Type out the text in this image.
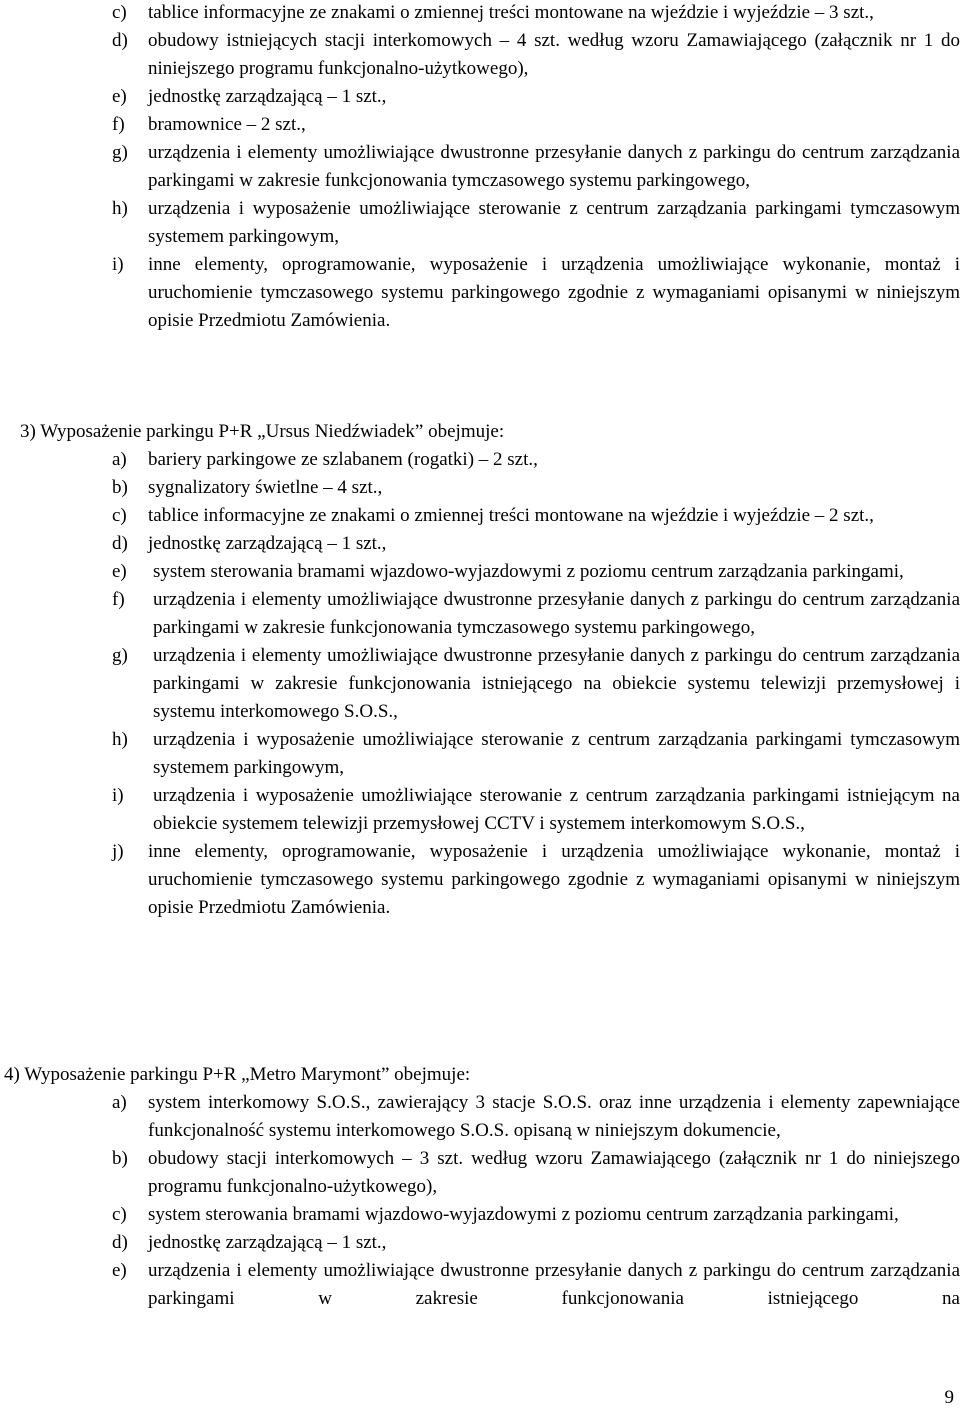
c)	tablice informacyjne ze znakami o zmiennej treści montowane na wjeździe i wyjeździe – 3 szt.,
d)	obudowy istniejących stacji interkomowych – 4 szt. według wzoru Zamawiającego (załącznik nr 1 do niniejszego programu funkcjonalno-użytkowego),
e)	jednostkę zarządzającą – 1 szt.,
f)	bramownice – 2 szt.,
g)	urządzenia i elementy umożliwiające dwustronne przesyłanie danych z parkingu do centrum zarządzania parkingami w zakresie funkcjonowania tymczasowego systemu parkingowego,
h)	urządzenia i wyposażenie umożliwiające sterowanie z centrum zarządzania parkingami tymczasowym systemem parkingowym,
i)	inne elementy, oprogramowanie, wyposażenie i urządzenia umożliwiające wykonanie, montaż i uruchomienie tymczasowego systemu parkingowego zgodnie z wymaganiami opisanymi w niniejszym opisie Przedmiotu Zamówienia.
3) Wyposażenie parkingu P+R „Ursus Niedźwiadek” obejmuje:
a)	bariery parkingowe ze szlabanem (rogatki) – 2 szt.,
b)	sygnalizatory świetlne – 4 szt.,
c)	tablice informacyjne ze znakami o zmiennej treści montowane na wjeździe i wyjeździe – 2 szt.,
d)	jednostkę zarządzającą – 1 szt.,
e)	system sterowania bramami wjazdowo-wyjazdowymi z poziomu centrum zarządzania parkingami,
f)	urządzenia i elementy umożliwiające dwustronne przesyłanie danych z parkingu do centrum zarządzania parkingami w zakresie funkcjonowania tymczasowego systemu parkingowego,
g)	urządzenia i elementy umożliwiające dwustronne przesyłanie danych z parkingu do centrum zarządzania parkingami w zakresie funkcjonowania istniejącego na obiekcie systemu telewizji przemysłowej i systemu interkomowego S.O.S.,
h)	urządzenia i wyposażenie umożliwiające sterowanie z centrum zarządzania parkingami tymczasowym systemem parkingowym,
i)	urządzenia i wyposażenie umożliwiające sterowanie z centrum zarządzania parkingami istniejącym na obiekcie systemem telewizji przemysłowej CCTV i systemem interkomowym S.O.S.,
j)	inne elementy, oprogramowanie, wyposażenie i urządzenia umożliwiające wykonanie, montaż i uruchomienie tymczasowego systemu parkingowego zgodnie z wymaganiami opisanymi w niniejszym opisie Przedmiotu Zamówienia.
4) Wyposażenie parkingu P+R „Metro Marymont” obejmuje:
a)	system interkomowy S.O.S., zawierający 3 stacje S.O.S. oraz inne urządzenia i elementy zapewniające funkcjonalność systemu interkomowego S.O.S. opisaną w niniejszym dokumencie,
b)	obudowy stacji interkomowych – 3 szt. według wzoru Zamawiającego (załącznik nr 1 do niniejszego programu funkcjonalno-użytkowego),
c)	system sterowania bramami wjazdowo-wyjazdowymi z poziomu centrum zarządzania parkingami,
d)	jednostkę zarządzającą – 1 szt.,
e)	urządzenia i elementy umożliwiające dwustronne przesyłanie danych z parkingu do centrum zarządzania parkingami w zakresie funkcjonowania istniejącego na
9
